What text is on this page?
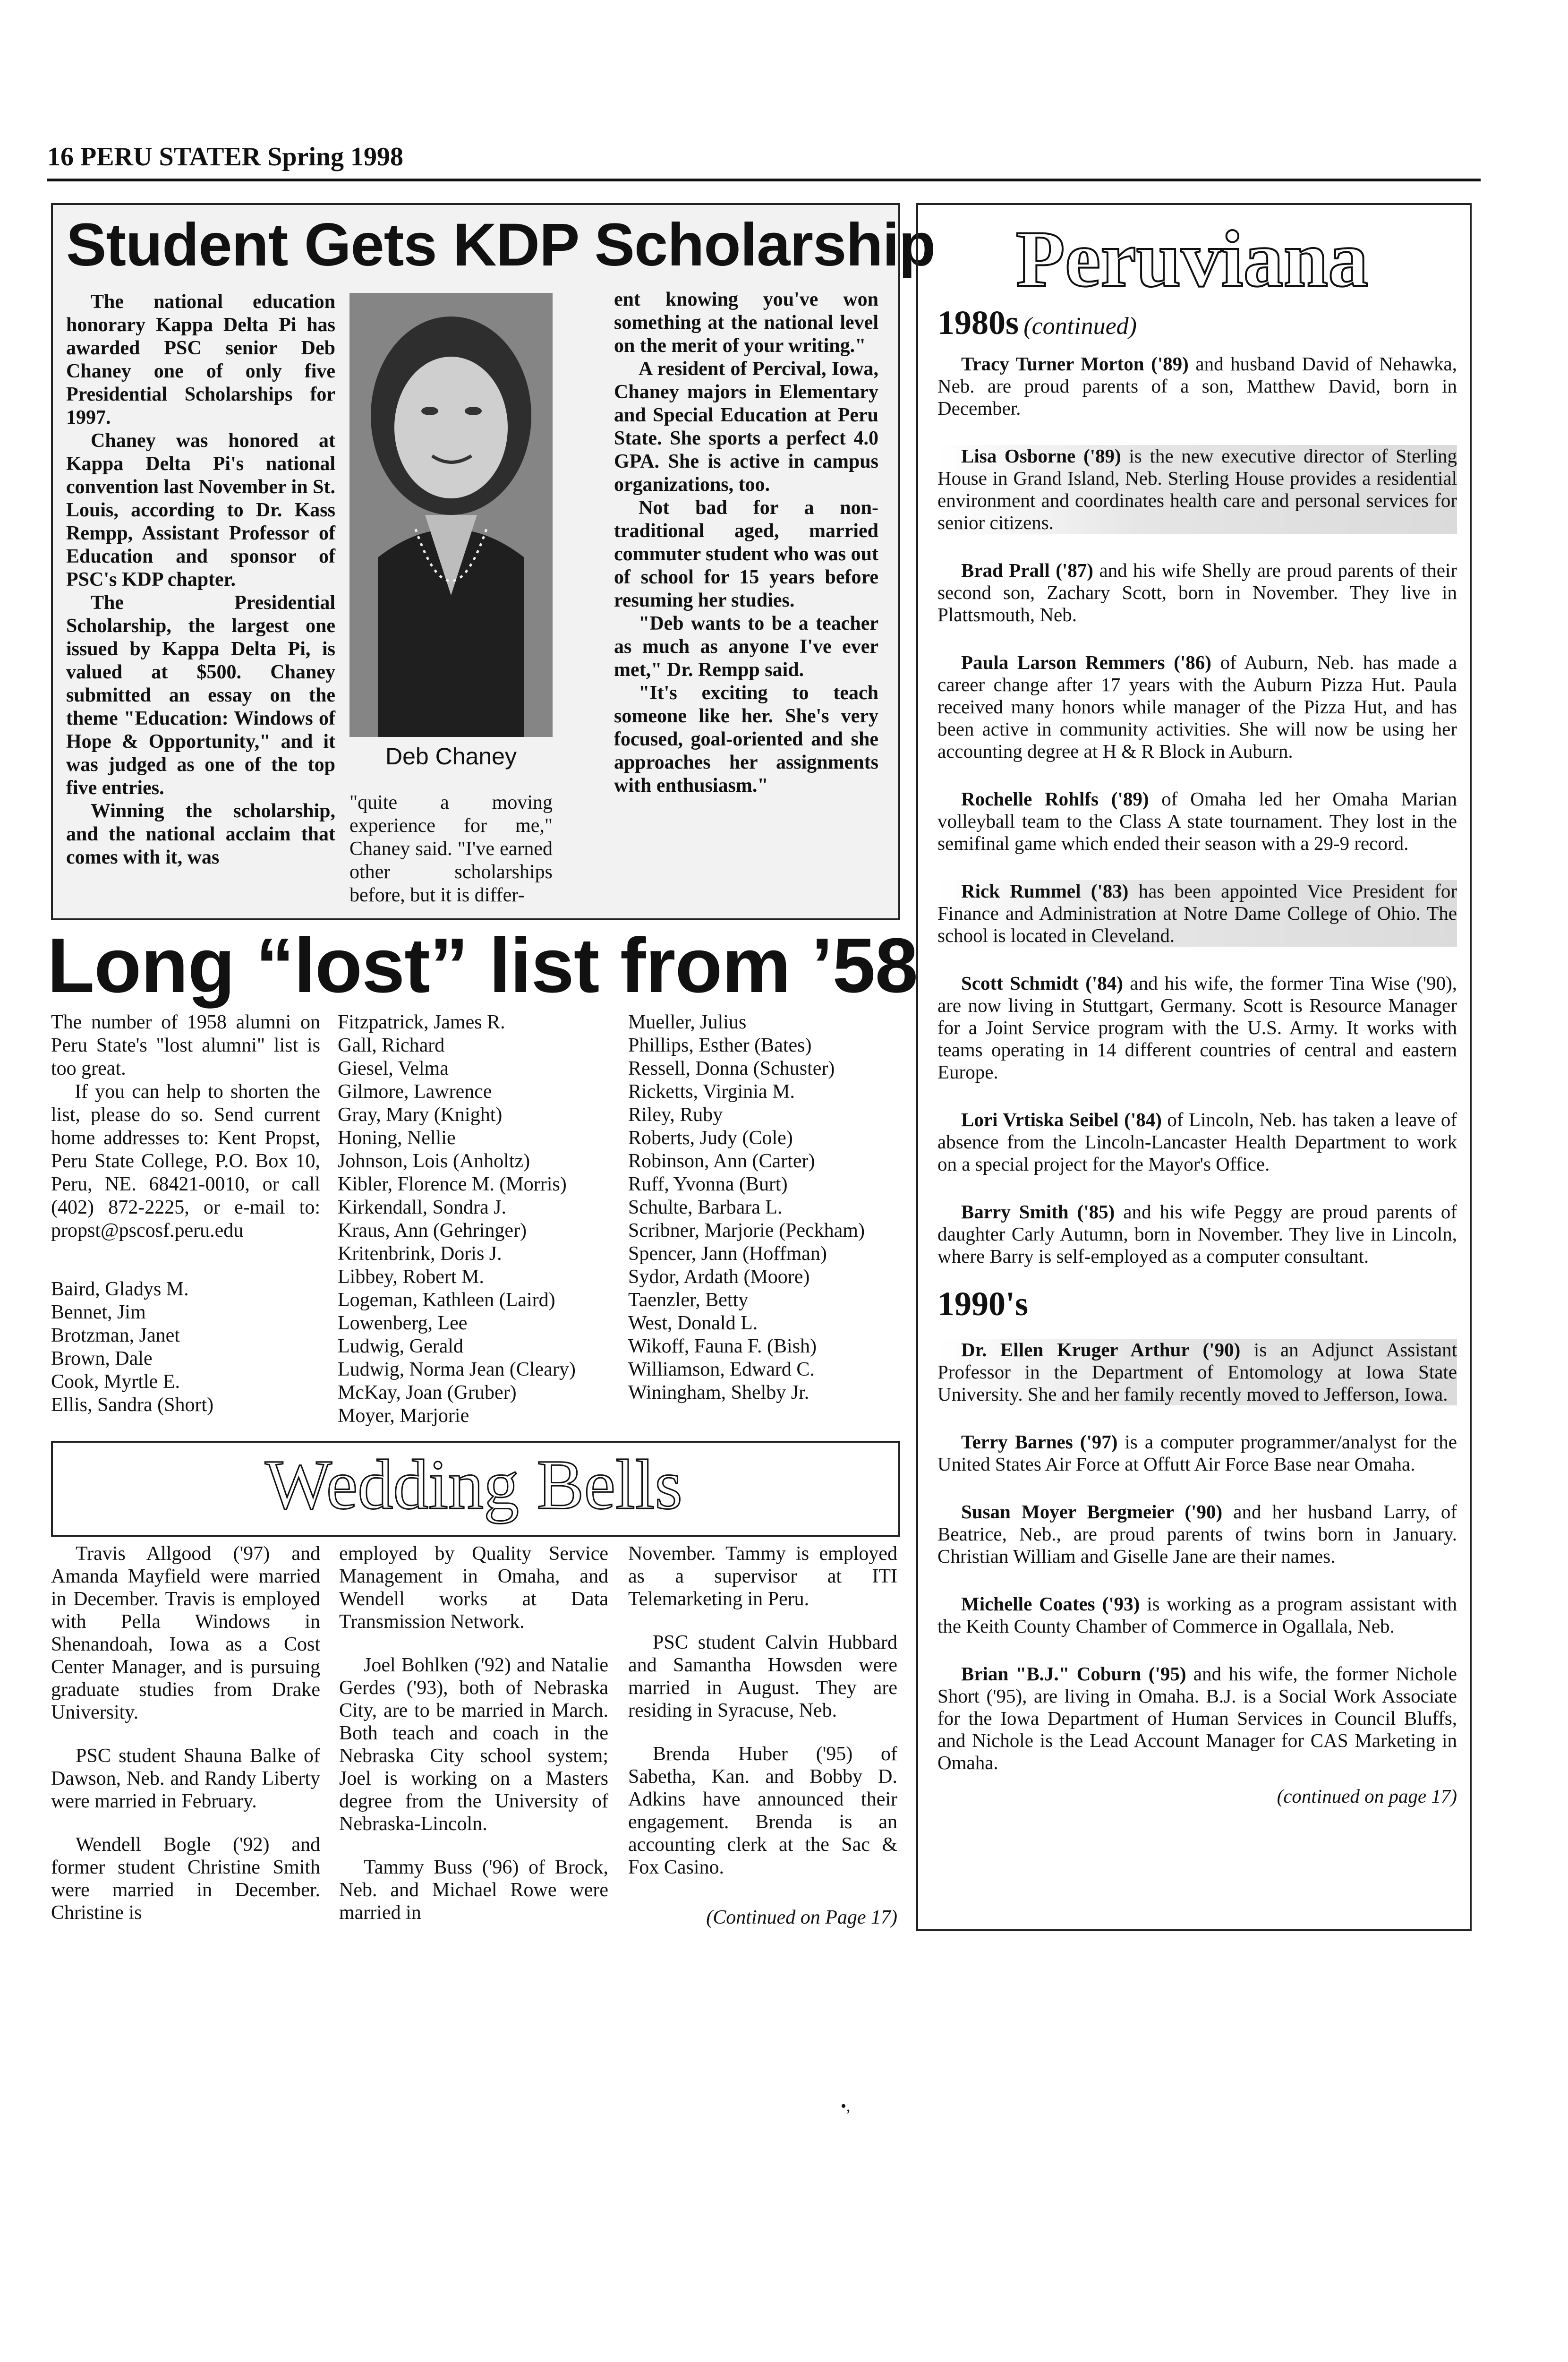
16 PERU STATER Spring 1998
Student Gets KDP Scholarship

The national education honorary Kappa Delta Pi has awarded PSC senior Deb Chaney one of only five Presidential Scholarships for 1997.

Chaney was honored at Kappa Delta Pi's national convention last November in St. Louis, according to Dr. Kass Rempp, Assistant Professor of Education and sponsor of PSC's KDP chapter.

The Presidential Scholarship, the largest one issued by Kappa Delta Pi, is valued at $500. Chaney submitted an essay on the theme "Education: Windows of Hope & Opportunity," and it was judged as one of the top five entries.

Winning the scholarship, and the national acclaim that comes with it, was

Deb Chaney

"quite a moving experience for me," Chaney said. "I've earned other scholarships before, but it is differ-

ent knowing you've won something at the national level on the merit of your writing."

A resident of Percival, Iowa, Chaney majors in Elementary and Special Education at Peru State. She sports a perfect 4.0 GPA. She is active in campus organizations, too.

Not bad for a non-traditional aged, married commuter student who was out of school for 15 years before resuming her studies.

"Deb wants to be a teacher as much as anyone I've ever met," Dr. Rempp said.

"It's exciting to teach someone like her. She's very focused, goal-oriented and she approaches her assignments with enthusiasm."

Long “lost” list from ’58

The number of 1958 alumni on Peru State's "lost alumni" list is too great.

If you can help to shorten the list, please do so. Send current home addresses to: Kent Propst, Peru State College, P.O. Box 10, Peru, NE. 68421-0010, or call (402) 872-2225, or e-mail to: propst@pscosf.peru.edu

Baird, Gladys M.
Bennet, Jim
Brotzman, Janet
Brown, Dale
Cook, Myrtle E.
Ellis, Sandra (Short)
Fitzpatrick, James R.
Gall, Richard
Giesel, Velma
Gilmore, Lawrence
Gray, Mary (Knight)
Honing, Nellie
Johnson, Lois (Anholtz)
Kibler, Florence M. (Morris)
Kirkendall, Sondra J.
Kraus, Ann (Gehringer)
Kritenbrink, Doris J.
Libbey, Robert M.
Logeman, Kathleen (Laird)
Lowenberg, Lee
Ludwig, Gerald
Ludwig, Norma Jean (Cleary)
McKay, Joan (Gruber)
Moyer, Marjorie
Mueller, Julius
Phillips, Esther (Bates)
Ressell, Donna (Schuster)
Ricketts, Virginia M.
Riley, Ruby
Roberts, Judy (Cole)
Robinson, Ann (Carter)
Ruff, Yvonna (Burt)
Schulte, Barbara L.
Scribner, Marjorie (Peckham)
Spencer, Jann (Hoffman)
Sydor, Ardath (Moore)
Taenzler, Betty
West, Donald L.
Wikoff, Fauna F. (Bish)
Williamson, Edward C.
Winingham, Shelby Jr.
Wedding Bells

Travis Allgood ('97) and Amanda Mayfield were married in December. Travis is employed with Pella Windows in Shenandoah, Iowa as a Cost Center Manager, and is pursuing graduate studies from Drake University.

PSC student Shauna Balke of Dawson, Neb. and Randy Liberty were married in February.

Wendell Bogle ('92) and former student Christine Smith were married in December. Christine is

employed by Quality Service Management in Omaha, and Wendell works at Data Transmission Network.

Joel Bohlken ('92) and Natalie Gerdes ('93), both of Nebraska City, are to be married in March. Both teach and coach in the Nebraska City school system; Joel is working on a Masters degree from the University of Nebraska-Lincoln.

Tammy Buss ('96) of Brock, Neb. and Michael Rowe were married in

November. Tammy is employed as a supervisor at ITI Telemarketing in Peru.

PSC student Calvin Hubbard and Samantha Howsden were married in August. They are residing in Syracuse, Neb.

Brenda Huber ('95) of Sabetha, Kan. and Bobby D. Adkins have announced their engagement. Brenda is an accounting clerk at the Sac & Fox Casino.

(Continued on Page 17)
Peruviana
1980s (continued)

Tracy Turner Morton ('89) and husband David of Nehawka, Neb. are proud parents of a son, Matthew David, born in December.

Lisa Osborne ('89) is the new executive director of Sterling House in Grand Island, Neb. Sterling House provides a residential environment and coordinates health care and personal services for senior citizens.

Brad Prall ('87) and his wife Shelly are proud parents of their second son, Zachary Scott, born in November. They live in Plattsmouth, Neb.

Paula Larson Remmers ('86) of Auburn, Neb. has made a career change after 17 years with the Auburn Pizza Hut. Paula received many honors while manager of the Pizza Hut, and has been active in community activities. She will now be using her accounting degree at H & R Block in Auburn.

Rochelle Rohlfs ('89) of Omaha led her Omaha Marian volleyball team to the Class A state tournament. They lost in the semifinal game which ended their season with a 29-9 record.

Rick Rummel ('83) has been appointed Vice President for Finance and Administration at Notre Dame College of Ohio. The school is located in Cleveland.

Scott Schmidt ('84) and his wife, the former Tina Wise ('90), are now living in Stuttgart, Germany. Scott is Resource Manager for a Joint Service program with the U.S. Army. It works with teams operating in 14 different countries of central and eastern Europe.

Lori Vrtiska Seibel ('84) of Lincoln, Neb. has taken a leave of absence from the Lincoln-Lancaster Health Department to work on a special project for the Mayor's Office.

Barry Smith ('85) and his wife Peggy are proud parents of daughter Carly Autumn, born in November. They live in Lincoln, where Barry is self-employed as a computer consultant.

1990's

Dr. Ellen Kruger Arthur ('90) is an Adjunct Assistant Professor in the Department of Entomology at Iowa State University. She and her family recently moved to Jefferson, Iowa.

Terry Barnes ('97) is a computer programmer/analyst for the United States Air Force at Offutt Air Force Base near Omaha.

Susan Moyer Bergmeier ('90) and her husband Larry, of Beatrice, Neb., are proud parents of twins born in January. Christian William and Giselle Jane are their names.

Michelle Coates ('93) is working as a program assistant with the Keith County Chamber of Commerce in Ogallala, Neb.

Brian "B.J." Coburn ('95) and his wife, the former Nichole Short ('95), are living in Omaha. B.J. is a Social Work Associate for the Iowa Department of Human Services in Council Bluffs, and Nichole is the Lead Account Manager for CAS Marketing in Omaha.

(continued on page 17)
•,
